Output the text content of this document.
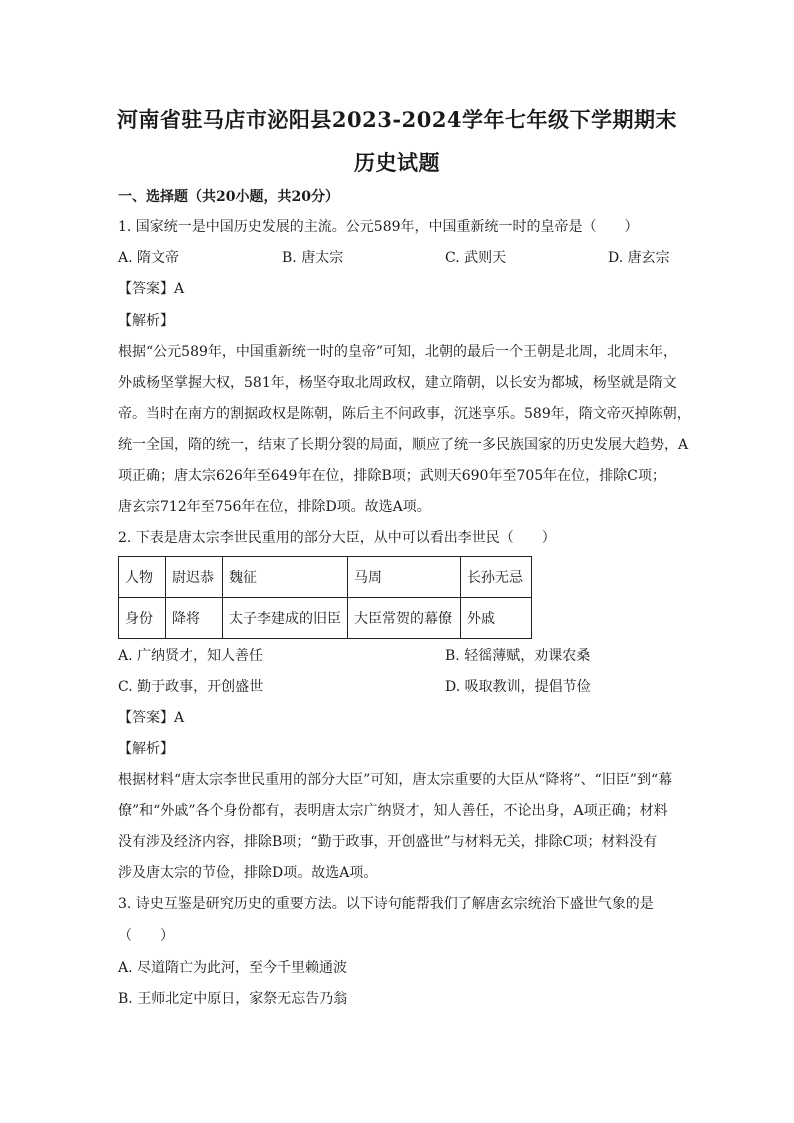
河南省驻马店市泌阳县2023-2024学年七年级下学期期末
历史试题
一、选择题（共20小题，共20分）
1. 国家统一是中国历史发展的主流。公元589年，中国重新统一时的皇帝是（　　）
A. 隋文帝	B. 唐太宗	C. 武则天	D. 唐玄宗
【答案】A
【解析】
根据“公元589年，中国重新统一时的皇帝”可知，北朝的最后一个王朝是北周，北周末年，
外戚杨坚掌握大权，581年，杨坚夺取北周政权，建立隋朝，以长安为都城，杨坚就是隋文
帝。当时在南方的割据政权是陈朝，陈后主不问政事，沉迷享乐。589年，隋文帝灭掉陈朝，
统一全国，隋的统一，结束了长期分裂的局面，顺应了统一多民族国家的历史发展大趋势，A
项正确；唐太宗626年至649年在位，排除B项；武则天690年至705年在位，排除C项；
唐玄宗712年至756年在位，排除D项。故选A项。
2. 下表是唐太宗李世民重用的部分大臣，从中可以看出李世民（　　）
人物	尉迟恭	魏征	马周	长孙无忌
身份	降将	太子李建成的旧臣	大臣常贺的幕僚	外戚
A. 广纳贤才，知人善任	B. 轻徭薄赋，劝课农桑
C. 勤于政事，开创盛世	D. 吸取教训，提倡节俭
【答案】A
【解析】
根据材料“唐太宗李世民重用的部分大臣”可知，唐太宗重要的大臣从“降将”、“旧臣”到“幕
僚”和“外戚”各个身份都有，表明唐太宗广纳贤才，知人善任，不论出身，A项正确；材料
没有涉及经济内容，排除B项；“勤于政事，开创盛世”与材料无关，排除C项；材料没有
涉及唐太宗的节俭，排除D项。故选A项。
3. 诗史互鉴是研究历史的重要方法。以下诗句能帮我们了解唐玄宗统治下盛世气象的是
（　　）
A. 尽道隋亡为此河，至今千里赖通波
B. 王师北定中原日，家祭无忘告乃翁
